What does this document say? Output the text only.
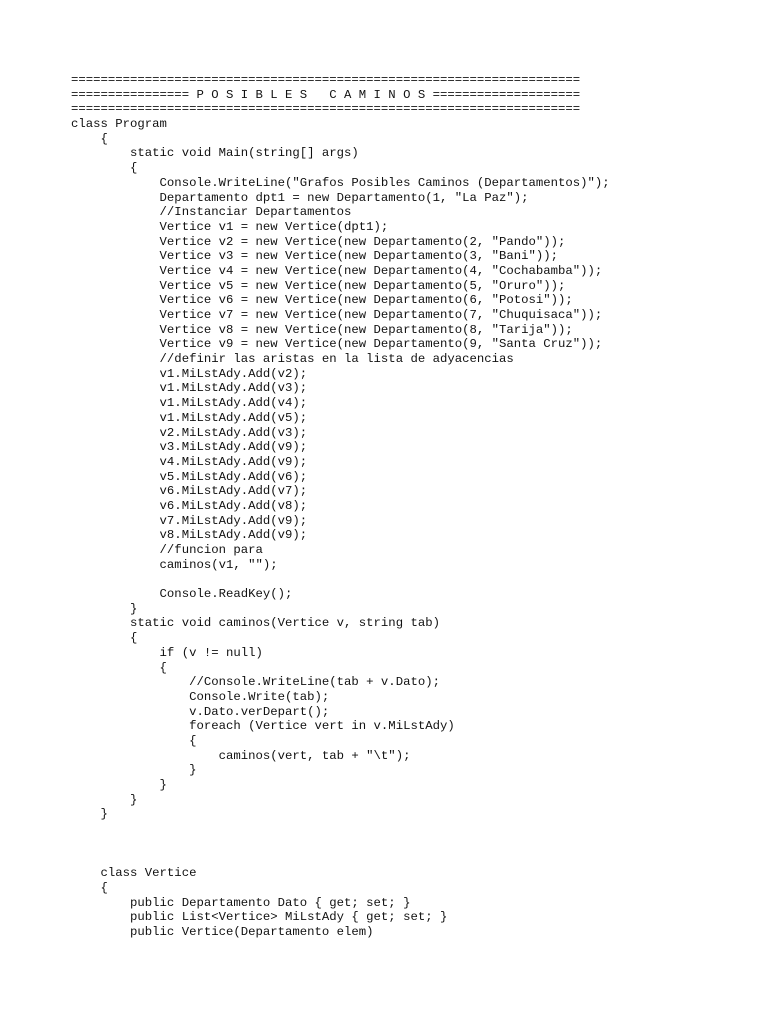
=====================================================================
================ P O S I B L E S   C A M I N O S ====================
=====================================================================
class Program
{
static void Main(string[] args)
{
Console.WriteLine("Grafos Posibles Caminos (Departamentos)");
Departamento dpt1 = new Departamento(1, "La Paz");
//Instanciar Departamentos
Vertice v1 = new Vertice(dpt1);
Vertice v2 = new Vertice(new Departamento(2, "Pando"));
Vertice v3 = new Vertice(new Departamento(3, "Bani"));
Vertice v4 = new Vertice(new Departamento(4, "Cochabamba"));
Vertice v5 = new Vertice(new Departamento(5, "Oruro"));
Vertice v6 = new Vertice(new Departamento(6, "Potosi"));
Vertice v7 = new Vertice(new Departamento(7, "Chuquisaca"));
Vertice v8 = new Vertice(new Departamento(8, "Tarija"));
Vertice v9 = new Vertice(new Departamento(9, "Santa Cruz"));
//definir las aristas en la lista de adyacencias
v1.MiLstAdy.Add(v2);
v1.MiLstAdy.Add(v3);
v1.MiLstAdy.Add(v4);
v1.MiLstAdy.Add(v5);
v2.MiLstAdy.Add(v3);
v3.MiLstAdy.Add(v9);
v4.MiLstAdy.Add(v9);
v5.MiLstAdy.Add(v6);
v6.MiLstAdy.Add(v7);
v6.MiLstAdy.Add(v8);
v7.MiLstAdy.Add(v9);
v8.MiLstAdy.Add(v9);
//funcion para
caminos(v1, "");
Console.ReadKey();
}
static void caminos(Vertice v, string tab)
{
if (v != null)
{
//Console.WriteLine(tab + v.Dato);
Console.Write(tab);
v.Dato.verDepart();
foreach (Vertice vert in v.MiLstAdy)
{
caminos(vert, tab + "\t");
}
}
}
}
class Vertice
{
public Departamento Dato { get; set; }
public List<Vertice> MiLstAdy { get; set; }
public Vertice(Departamento elem)
